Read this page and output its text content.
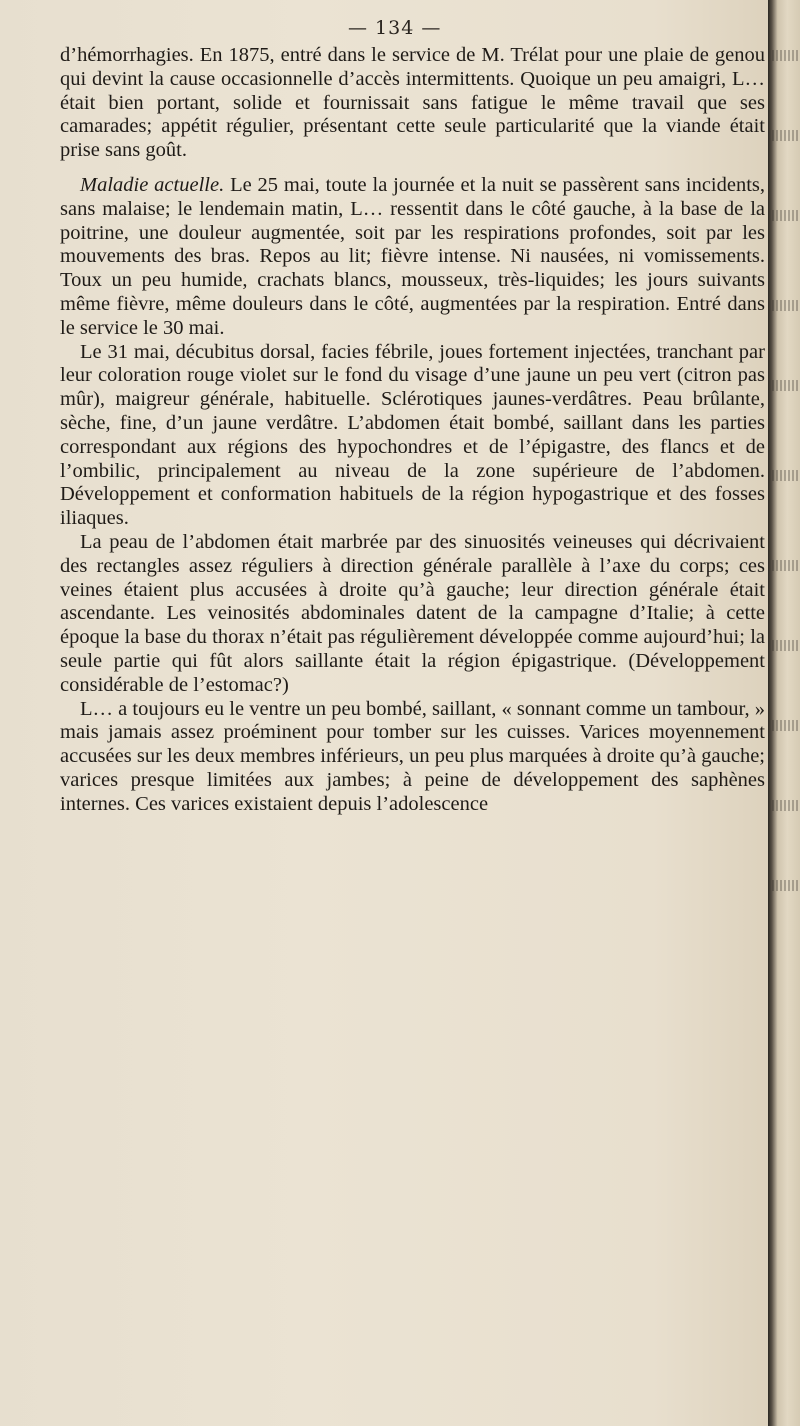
— 134 —

d’hémorrhagies. En 1875, entré dans le service de M. Trélat pour une plaie de genou qui devint la cause occasionnelle d’accès intermittents. Quoique un peu amaigri, L… était bien portant, solide et fournissait sans fatigue le même travail que ses camarades; appétit régulier, présentant cette seule particularité que la viande était prise sans goût.

Maladie actuelle. Le 25 mai, toute la journée et la nuit se passèrent sans incidents, sans malaise; le lendemain matin, L… ressentit dans le côté gauche, à la base de la poitrine, une douleur augmentée, soit par les respirations profondes, soit par les mouvements des bras. Repos au lit; fièvre intense. Ni nausées, ni vomissements. Toux un peu humide, crachats blancs, mousseux, très-liquides; les jours suivants même fièvre, même douleurs dans le côté, augmentées par la respiration. Entré dans le service le 30 mai.

Le 31 mai, décubitus dorsal, facies fébrile, joues fortement injectées, tranchant par leur coloration rouge violet sur le fond du visage d’une jaune un peu vert (citron pas mûr), maigreur générale, habituelle. Sclérotiques jaunes-verdâtres. Peau brûlante, sèche, fine, d’un jaune verdâtre. L’abdomen était bombé, saillant dans les parties correspondant aux régions des hypochondres et de l’épigastre, des flancs et de l’ombilic, principalement au niveau de la zone supérieure de l’abdomen. Développement et conformation habituels de la région hypogastrique et des fosses iliaques.

La peau de l’abdomen était marbrée par des sinuosités veineuses qui décrivaient des rectangles assez réguliers à direction générale parallèle à l’axe du corps; ces veines étaient plus accusées à droite qu’à gauche; leur direction générale était ascendante. Les veinosités abdominales datent de la campagne d’Italie; à cette époque la base du thorax n’était pas régulièrement développée comme aujourd’hui; la seule partie qui fût alors saillante était la région épigastrique. (Développement considérable de l’estomac?)

L… a toujours eu le ventre un peu bombé, saillant, « sonnant comme un tambour, » mais jamais assez proéminent pour tomber sur les cuisses. Varices moyennement accusées sur les deux membres inférieurs, un peu plus marquées à droite qu’à gauche; varices presque limitées aux jambes; à peine de développement des saphènes internes. Ces varices existaient depuis l’adolescence
